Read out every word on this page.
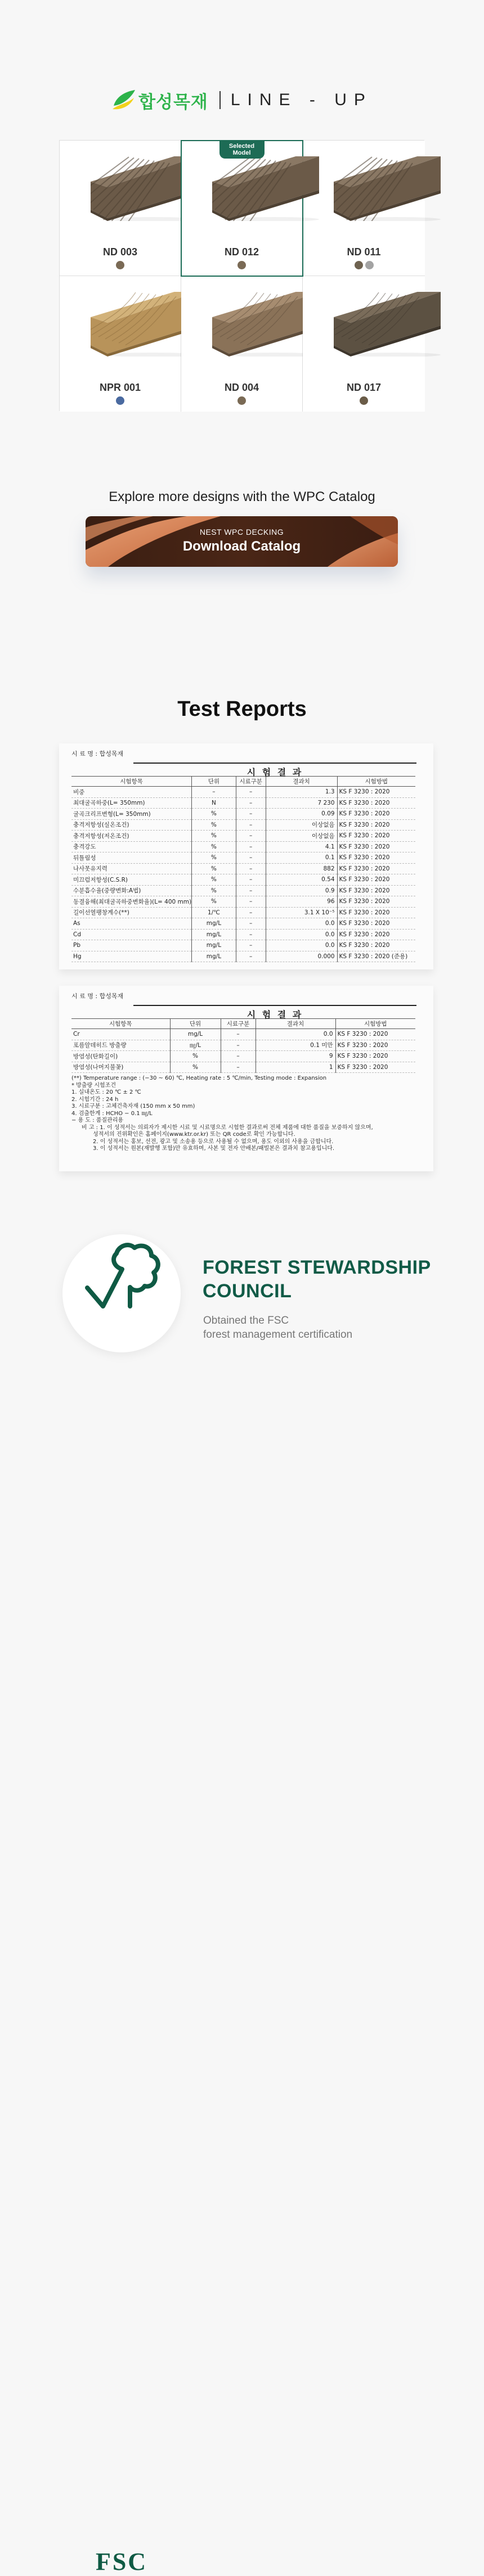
합성목재 LINE - UP
ND 003	ND 012
Selected
Model
ND 011
NPR 001	ND 004	ND 017
Explore more designs with the WPC Catalog
NEST WPC DECKING
Download Catalog
Test Reports
시 료 명 : 합성목재
시 험 결 과
시험항목	단위	시료구분	결과치	시험방법
비중	–	–	1.3	KS F 3230 : 2020
최대굴곡하중(L= 350mm)	N	–	7 230	KS F 3230 : 2020
굴곡크리프변형(L= 350mm)	%	–	0.09	KS F 3230 : 2020
충격저항성(실온조건)	%	–	이상없음	KS F 3230 : 2020
충격저항성(저온조건)	%	–	이상없음	KS F 3230 : 2020
충격강도	%	–	4.1	KS F 3230 : 2020
뒤틀림성	%	–	0.1	KS F 3230 : 2020
나사못유지력	%	–	882	KS F 3230 : 2020
미끄럼저항성(C.S.R)	%	–	0.54	KS F 3230 : 2020
수분흡수율(중량변화:A법)	%	–	0.9	KS F 3230 : 2020
동결융해(최대굴곡하중변화율)(L= 400 mm)	%	–	96	KS F 3230 : 2020
길이선열팽창계수(**)	1/℃	–	3.1 X 10⁻⁵	KS F 3230 : 2020
As	mg/L	–	0.0	KS F 3230 : 2020
Cd	mg/L	–	0.0	KS F 3230 : 2020
Pb	mg/L	–	0.0	KS F 3230 : 2020
Hg	mg/L	–	0.000	KS F 3230 : 2020 (준용)
시 료 명 : 합성목재
시 험 결 과
시험항목	단위	시료구분	결과치	시험방법
Cr	mg/L	–	0.0	KS F 3230 : 2020
포름알데히드 방출량	㎎/L	–	0.1 미만	KS F 3230 : 2020
방염성(탄화길이)	%	–	9	KS F 3230 : 2020
방염성(나머지불꽃)	%	–	1	KS F 3230 : 2020
(**) Temperature range : (−30 ~ 60) ℃, Heating rate : 5 ℃/min, Testing mode : Expansion
* 방출량 시험조건
1. 실내온도 : 20 ℃ ± 2 ℃
2. 시험기간 : 24 h
3. 시료구분 : 고체건축자재 (150 mm x 50 mm)
4. 검출한계 : HCHO − 0.1 ㎎/L
− 용 도 : 품질관리용
비 고 : 1. 이 성적서는 의뢰자가 제시한 시료 및 시료명으로 시험한 결과로써 전체 제품에 대한 품질을 보증하지 않으며,
성적서의 진위확인은 홈페이지(www.ktr.or.kr) 또는 QR code로 확인 가능합니다.
2. 이 성적서는 홍보, 선전, 광고 및 소송용 등으로 사용될 수 없으며, 용도 이외의 사용을 금합니다.
3. 이 성적서는 원본(재발행 포함)만 유효하며, 사본 및 전자 안배본/패빌본은 결과치 참고용입니다.
FSC
FOREST STEWARDSHIP
COUNCIL
Obtained the FSC
forest management certification
